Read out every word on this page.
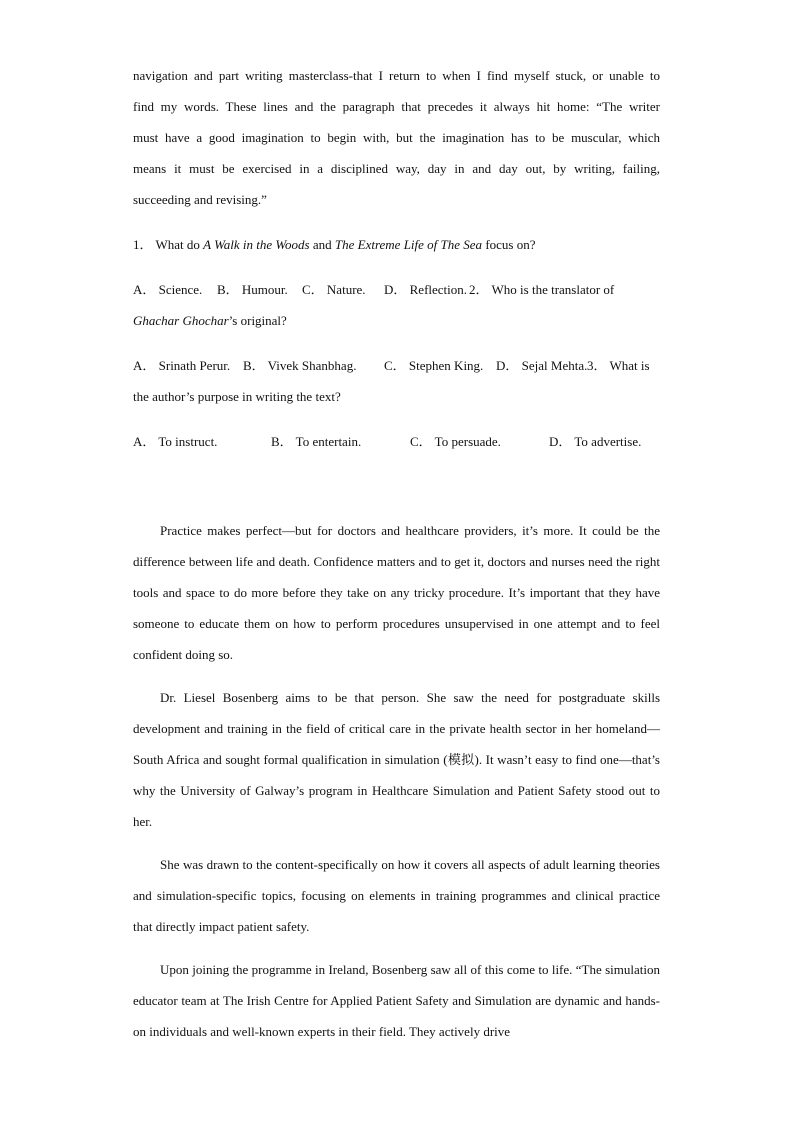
navigation and part writing masterclass-that I return to when I find myself stuck, or unable to
find my words. These lines and the paragraph that precedes it always hit home: “The writer
must have a good imagination to begin with, but the imagination has to be muscular, which
means it must be exercised in a disciplined way, day in and day out, by writing, failing,
succeeding and revising.”
1． What do A Walk in the Woods and The Extreme Life of The Sea focus on?
A． Science. B． Humour. C． Nature. D． Reflection. 2． Who is the translator of
Ghachar Ghochar’s original?
A． Srinath Perur. B． Vivek Shanbhag. C． Stephen King. D． Sejal Mehta.3． What is
the author’s purpose in writing the text?
A． To instruct.	B． To entertain.	C． To persuade.	D． To advertise.
Practice makes perfect—but for doctors and healthcare providers, it’s more. It could be the difference between life and death. Confidence matters and to get it, doctors and nurses need the right tools and space to do more before they take on any tricky procedure. It’s important that they have someone to educate them on how to perform procedures unsupervised in one attempt and to feel confident doing so.
Dr. Liesel Bosenberg aims to be that person. She saw the need for postgraduate skills development and training in the field of critical care in the private health sector in her homeland—South Africa and sought formal qualification in simulation (模拟). It wasn’t easy to find one—that’s why the University of Galway’s program in Healthcare Simulation and Patient Safety stood out to her.
She was drawn to the content-specifically on how it covers all aspects of adult learning theories and simulation-specific topics, focusing on elements in training programmes and clinical practice that directly impact patient safety.
Upon joining the programme in Ireland, Bosenberg saw all of this come to life. “The simulation educator team at The Irish Centre for Applied Patient Safety and Simulation are dynamic and hands-on individuals and well-known experts in their field. They actively drive
